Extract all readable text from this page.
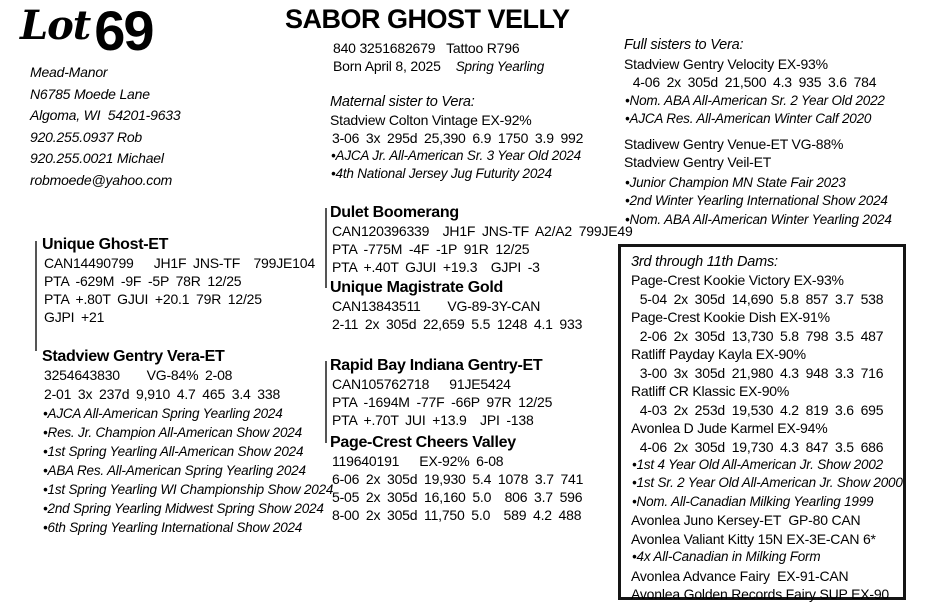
Lot 69
Mead-Manor
N6785 Moede Lane
Algoma, WI  54201-9633
920.255.0937 Rob
920.255.0021 Michael
robmoede@yahoo.com
SABOR GHOST VELLY
840 3251682679   Tattoo R796
Born April 8, 2025 Spring Yearling
Maternal sister to Vera:
Stadview Colton Vintage EX-92%
3-06 3x 295d 25,390 6.9 1750 3.9 992
•AJCA Jr. All-American Sr. 3 Year Old 2024
•4th National Jersey Jug Futurity 2024
Unique Ghost-ET
CAN14490799   JH1F JNS-TF  799JE104
PTA -629M -9F -5P 78R 12/25
PTA +.80T GJUI +20.1 79R 12/25
GJPI +21
Stadview Gentry Vera-ET
3254643830    VG-84% 2-08
2-01 3x 237d 9,910 4.7 465 3.4 338
•AJCA All-American Spring Yearling 2024
•Res. Jr. Champion All-American Show 2024
•1st Spring Yearling All-American Show 2024
•ABA Res. All-American Spring Yearling 2024
•1st Spring Yearling WI Championship Show 2024
•2nd Spring Yearling Midwest Spring Show 2024
•6th Spring Yearling International Show 2024
Dulet Boomerang
CAN120396339  JH1F JNS-TF A2/A2 799JE49
PTA -775M -4F -1P 91R 12/25
PTA +.40T GJUI +19.3  GJPI -3
Unique Magistrate Gold
CAN13843511    VG-89-3Y-CAN
2-11 2x 305d 22,659 5.5 1248 4.1 933
Rapid Bay Indiana Gentry-ET
CAN105762718   91JE5424
PTA -1694M -77F -66P 97R 12/25
PTA +.70T JUI +13.9  JPI -138
Page-Crest Cheers Valley
119640191   EX-92% 6-08
6-06 2x 305d 19,930 5.4 1078 3.7 741
5-05 2x 305d 16,160 5.0  806 3.7 596
8-00 2x 305d 11,750 5.0  589 4.2 488
Full sisters to Vera:
Stadview Gentry Velocity EX-93%
4-06 2x 305d 21,500 4.3 935 3.6 784
•Nom. ABA All-American Sr. 2 Year Old 2022
•AJCA Res. All-American Winter Calf 2020
Stadivew Gentry Venue-ET VG-88%
Stadview Gentry Veil-ET
•Junior Champion MN State Fair 2023
•2nd Winter Yearling International Show 2024
•Nom. ABA All-American Winter Yearling 2024
3rd through 11th Dams:
Page-Crest Kookie Victory EX-93%
5-04 2x 305d 14,690 5.8 857 3.7 538
Page-Crest Kookie Dish EX-91%
2-06 2x 305d 13,730 5.8 798 3.5 487
Ratliff Payday Kayla EX-90%
3-00 3x 305d 21,980 4.3 948 3.3 716
Ratliff CR Klassic EX-90%
4-03 2x 253d 19,530 4.2 819 3.6 695
Avonlea D Jude Karmel EX-94%
4-06 2x 305d 19,730 4.3 847 3.5 686
•1st 4 Year Old All-American Jr. Show 2002
•1st Sr. 2 Year Old All-American Jr. Show 2000
•Nom. All-Canadian Milking Yearling 1999
Avonlea Juno Kersey-ET  GP-80 CAN
Avonlea Valiant Kitty 15N EX-3E-CAN 6*
•4x All-Canadian in Milking Form
Avonlea Advance Fairy  EX-91-CAN
Avonlea Golden Records Fairy SUP EX-90
